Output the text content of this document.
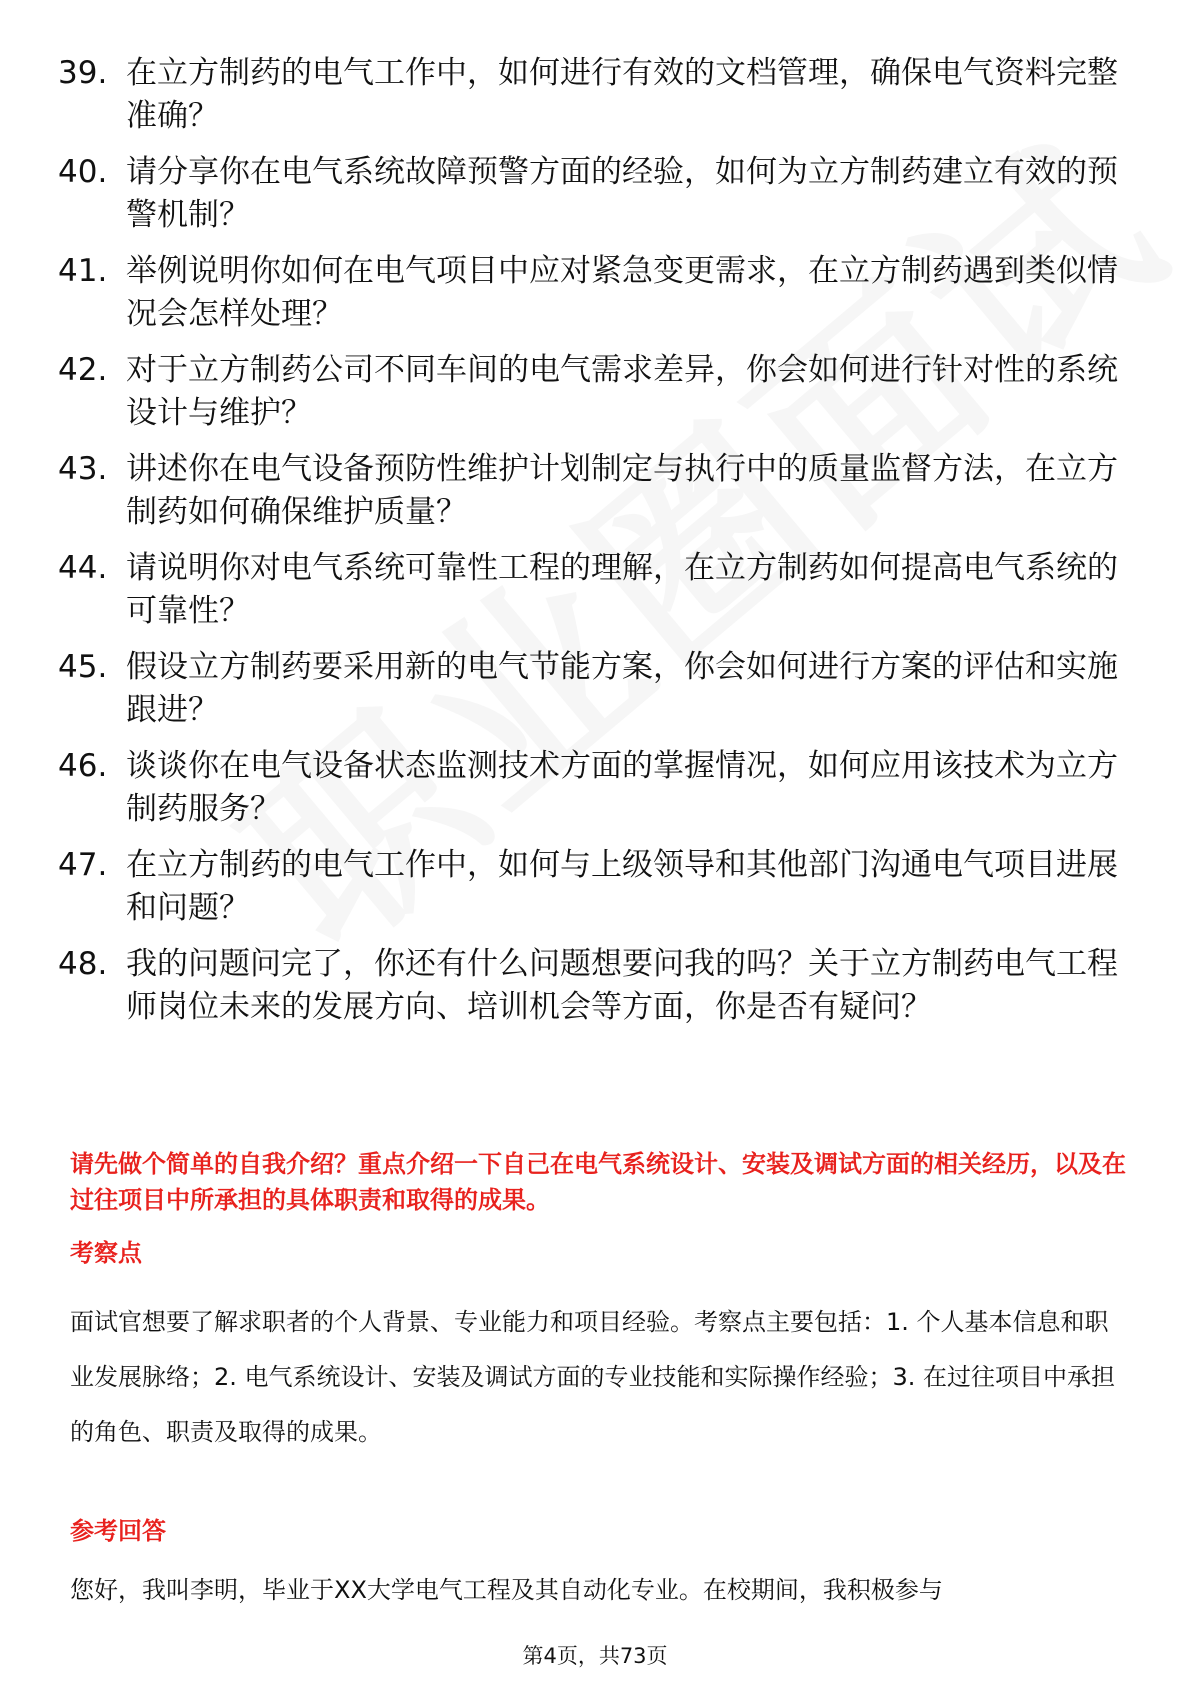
39. 在立方制药的电气工作中，如何进行有效的文档管理，确保电气资料完整准确？
40. 请分享你在电气系统故障预警方面的经验，如何为立方制药建立有效的预警机制？
41. 举例说明你如何在电气项目中应对紧急变更需求，在立方制药遇到类似情况会怎样处理？
42. 对于立方制药公司不同车间的电气需求差异，你会如何进行针对性的系统设计与维护？
43. 讲述你在电气设备预防性维护计划制定与执行中的质量监督方法，在立方制药如何确保维护质量？
44. 请说明你对电气系统可靠性工程的理解，在立方制药如何提高电气系统的可靠性？
45. 假设立方制药要采用新的电气节能方案，你会如何进行方案的评估和实施跟进？
46. 谈谈你在电气设备状态监测技术方面的掌握情况，如何应用该技术为立方制药服务？
47. 在立方制药的电气工作中，如何与上级领导和其他部门沟通电气项目进展和问题？
48. 我的问题问完了，你还有什么问题想要问我的吗？关于立方制药电气工程师岗位未来的发展方向、培训机会等方面，你是否有疑问？

请先做个简单的自我介绍？重点介绍一下自己在电气系统设计、安装及调试方面的相关经历，以及在过往项目中所承担的具体职责和取得的成果。

考察点

面试官想要了解求职者的个人背景、专业能力和项目经验。考察点主要包括：1. 个人基本信息和职业发展脉络；2. 电气系统设计、安装及调试方面的专业技能和实际操作经验；3. 在过往项目中承担的角色、职责及取得的成果。

参考回答

您好，我叫李明，毕业于XX大学电气工程及其自动化专业。在校期间，我积极参与

第4页，共73页
